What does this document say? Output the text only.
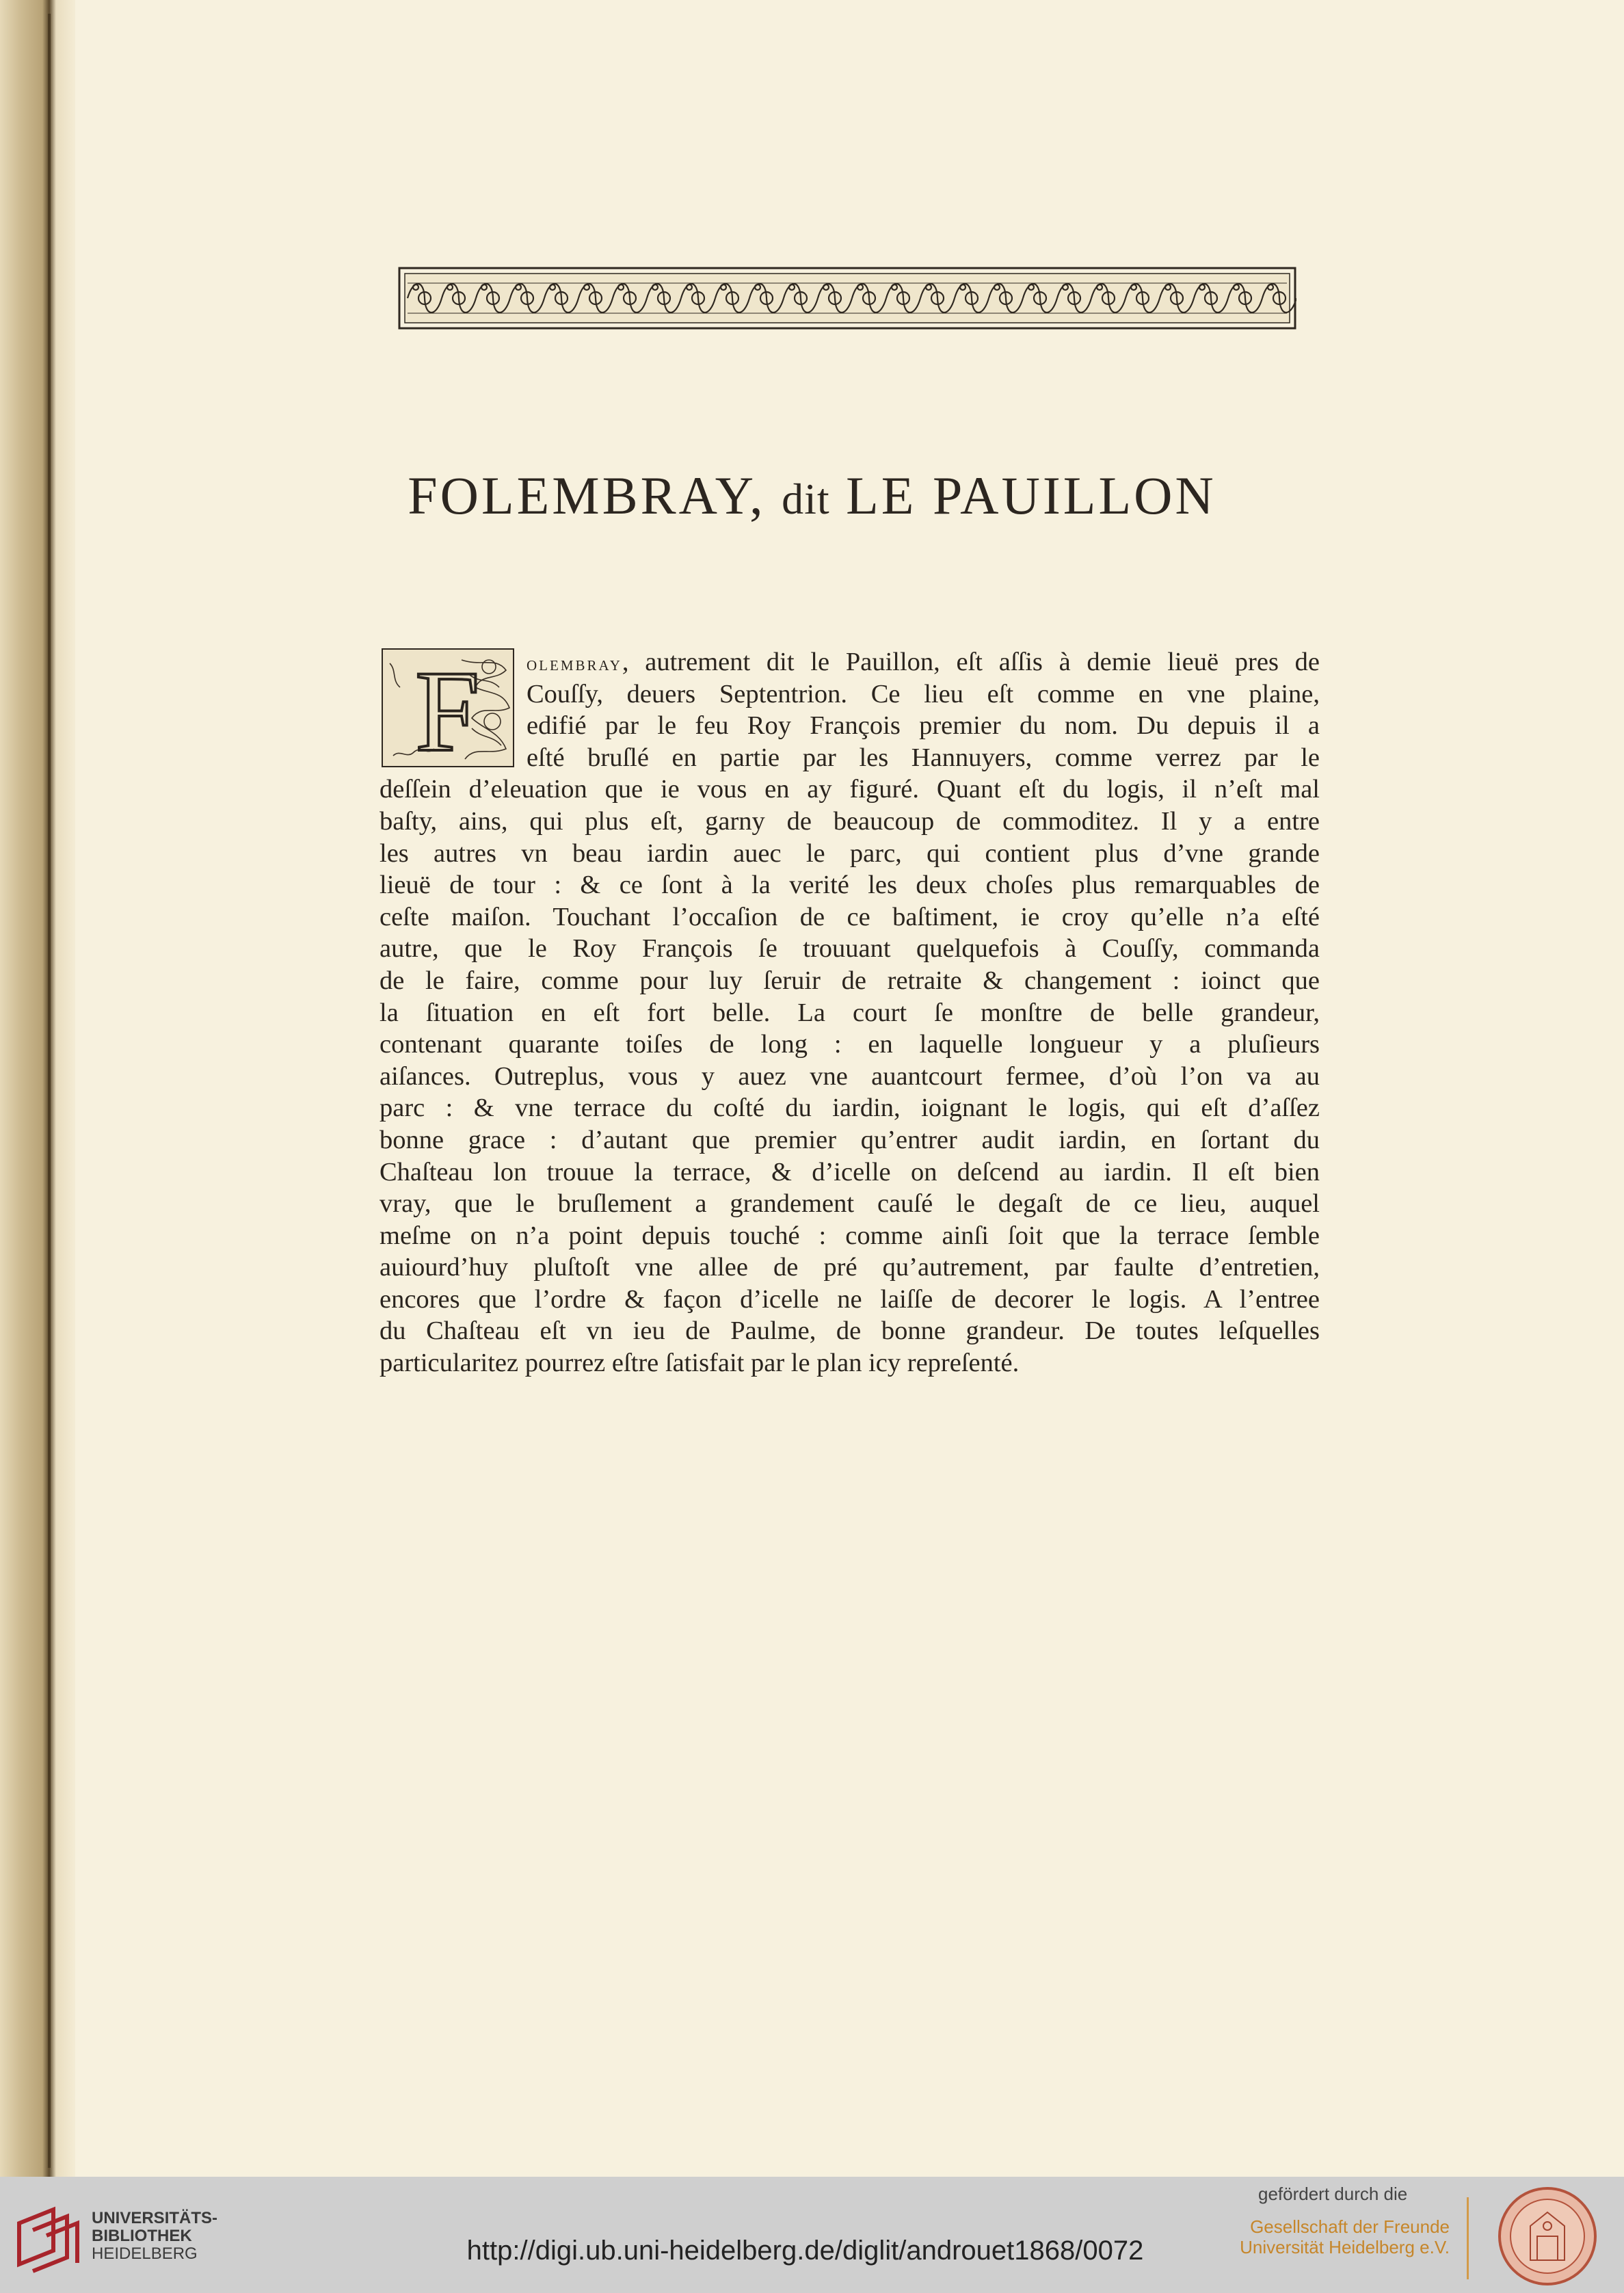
FOLEMBRAY, dit LE PAUILLON
F	olembray, autrement dit le Pauillon, eſt aſſis à demie lieuë pres de
Couſſy, deuers Septentrion. Ce lieu eſt comme en vne plaine,
edifié par le feu Roy François premier du nom. Du depuis il a
eſté bruſlé en partie par les Hannuyers, comme verrez par le
deſſein d’eleuation que ie vous en ay figuré. Quant eſt du logis, il n’eſt mal
baſty, ains, qui plus eſt, garny de beaucoup de commoditez. Il y a entre
les autres vn beau iardin auec le parc, qui contient plus d’vne grande
lieuë de tour : & ce ſont à la verité les deux choſes plus remarquables de
ceſte maiſon. Touchant l’occaſion de ce baſtiment, ie croy qu’elle n’a eſté
autre, que le Roy François ſe trouuant quelquefois à Couſſy, commanda
de le faire, comme pour luy ſeruir de retraite & changement : ioinct que
la ſituation en eſt fort belle. La court ſe monſtre de belle grandeur,
contenant quarante toiſes de long : en laquelle longueur y a pluſieurs
aiſances. Outreplus, vous y auez vne auantcourt fermee, d’où l’on va au
parc : & vne terrace du coſté du iardin, ioignant le logis, qui eſt d’aſſez
bonne grace : d’autant que premier qu’entrer audit iardin, en ſortant du
Chaſteau lon trouue la terrace, & d’icelle on deſcend au iardin. Il eſt bien
vray, que le bruſlement a grandement cauſé le degaſt de ce lieu, auquel
meſme on n’a point depuis touché : comme ainſi ſoit que la terrace ſemble
auiourd’huy pluſtoſt vne allee de pré qu’autrement, par faulte d’entretien,
encores que l’ordre & façon d’icelle ne laiſſe de decorer le logis. A l’entree
du Chaſteau eſt vn ieu de Paulme, de bonne grandeur. De toutes leſquelles
particularitez pourrez eſtre ſatisfait par le plan icy repreſenté.
UNIVERSITÄTS-
BIBLIOTHEK
HEIDELBERG	http://digi.ub.uni-heidelberg.de/diglit/androuet1868/0072
gefördert durch die
Gesellschaft der Freunde
Universität Heidelberg e.V.
